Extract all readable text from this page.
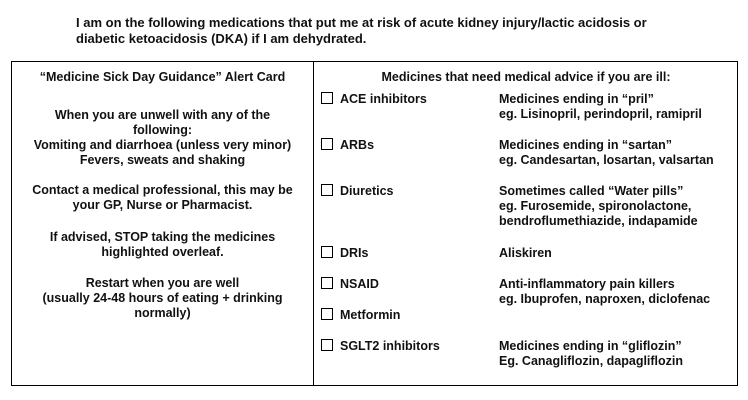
I am on the following medications that put me at risk of acute kidney injury/lactic acidosis or
diabetic ketoacidosis (DKA) if I am dehydrated.
“Medicine Sick Day Guidance” Alert Card
When you are unwell with any of the
following:
Vomiting and diarrhoea (unless very minor)
Fevers, sweats and shaking
Contact a medical professional, this may be
your GP, Nurse or Pharmacist.
If advised, STOP taking the medicines
highlighted overleaf.
Restart when you are well
(usually 24-48 hours of eating + drinking
normally)
Medicines that need medical advice if you are ill:
ACE inhibitors	Medicines ending in “pril”
eg. Lisinopril, perindopril, ramipril
ARBs	Medicines ending in “sartan”
eg. Candesartan, losartan, valsartan
Diuretics	Sometimes called “Water pills”
eg. Furosemide, spironolactone,
bendroflumethiazide, indapamide
DRIs	Aliskiren
NSAID	Anti-inflammatory pain killers
eg. Ibuprofen, naproxen, diclofenac
Metformin
SGLT2 inhibitors	Medicines ending in “gliflozin”
Eg. Canagliflozin, dapagliflozin
